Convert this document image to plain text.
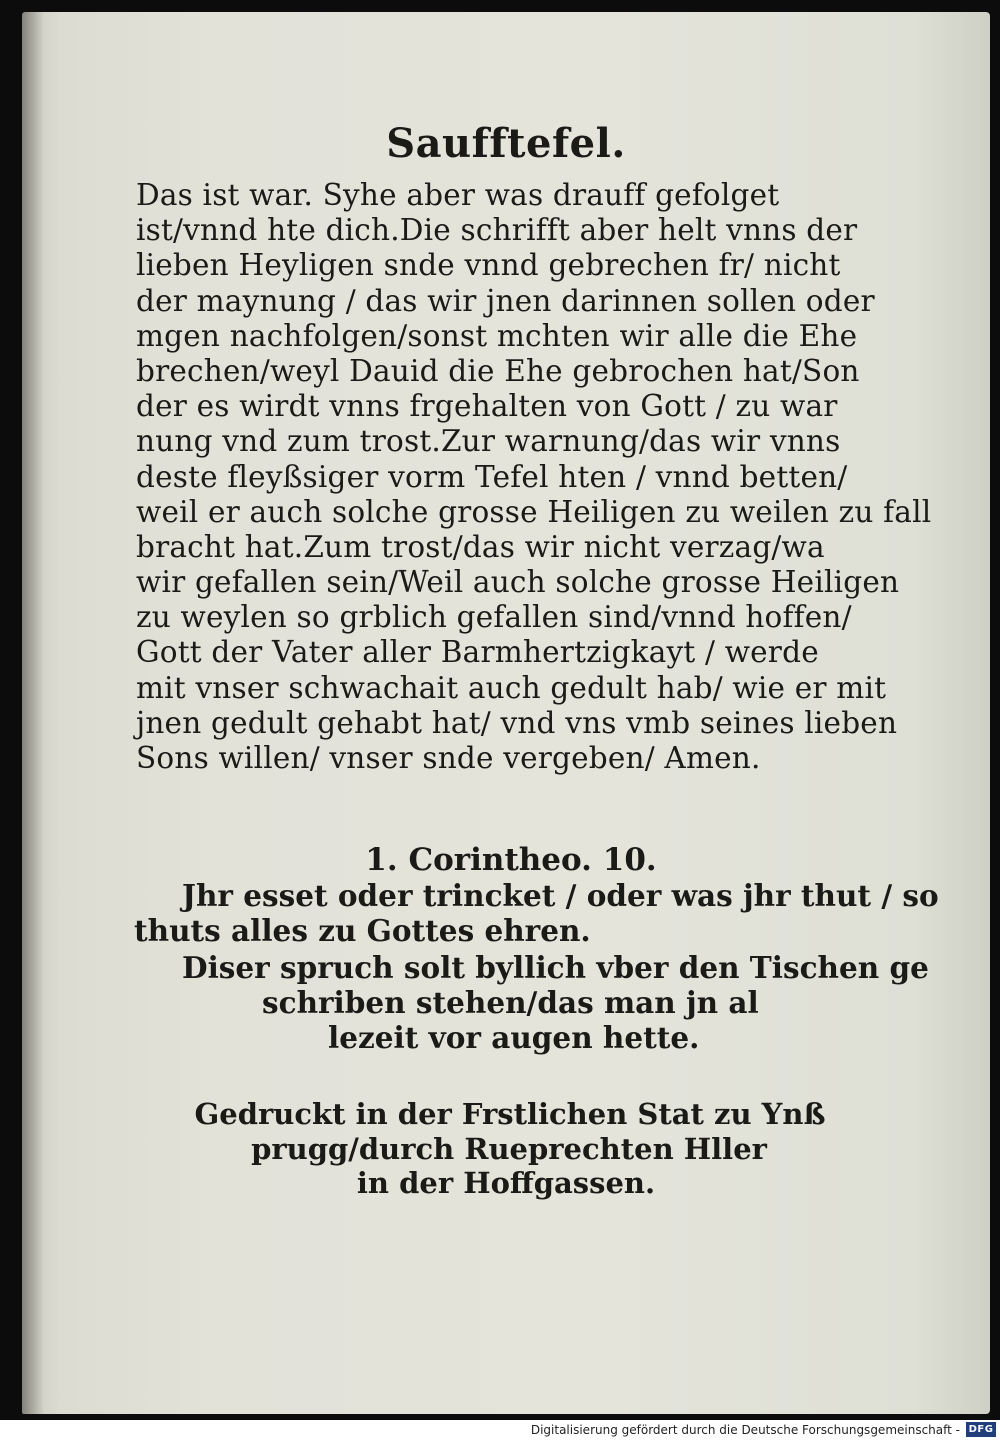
Saufftefel.
Das ist war. Syhe aber was drauff gefolget
ist/vnnd hte dich.Die schrifft aber helt vnns der
lieben Heyligen snde vnnd gebrechen fr/ nicht
der maynung / das wir jnen darinnen sollen oder
mgen nachfolgen/sonst mchten wir alle die Ehe
brechen/weyl Dauid die Ehe gebrochen hat/Son
der es wirdt vnns frgehalten von Gott / zu war
nung vnd zum trost.Zur warnung/das wir vnns
deste fleyßsiger vorm Tefel hten / vnnd betten/
weil er auch solche grosse Heiligen zu weilen zu fall
bracht hat.Zum trost/das wir nicht verzag/wa
wir gefallen sein/Weil auch solche grosse Heiligen
zu weylen so grblich gefallen sind/vnnd hoffen/
Gott der Vater aller Barmhertzigkayt / werde
mit vnser schwachait auch gedult hab/ wie er mit
jnen gedult gehabt hat/ vnd vns vmb seines lieben
Sons willen/ vnser snde vergeben/ Amen.
1. Corintheo. 10.
Jhr esset oder trincket / oder was jhr thut / so
thuts alles zu Gottes ehren.
Diser spruch solt byllich vber den Tischen ge
schriben stehen/das man jn al
lezeit vor augen hette.
Gedruckt in der Frstlichen Stat zu Ynß
prugg/durch Rueprechten Hller
in der Hoffgassen.
Digitalisierung gefördert durch die Deutsche Forschungsgemeinschaft - DFG
